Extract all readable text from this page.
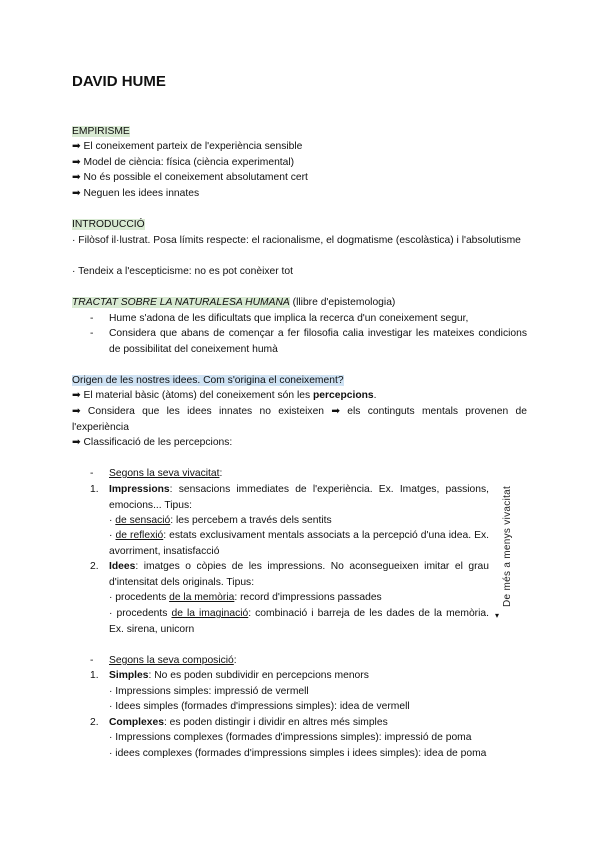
DAVID HUME
EMPIRISME
➡ El coneixement parteix de l'experiència sensible
➡ Model de ciència: física (ciència experimental)
➡ No és possible el coneixement absolutament cert
➡ Neguen les idees innates
INTRODUCCIÓ
· Filòsof il·lustrat. Posa límits respecte: el racionalisme, el dogmatisme (escolàstica) i l'absolutisme
· Tendeix a l'escepticisme: no es pot conèixer tot
TRACTAT SOBRE LA NATURALESA HUMANA (llibre d'epistemologia)
- Hume s'adona de les dificultats que implica la recerca d'un coneixement segur,
- Considera que abans de començar a fer filosofia calia investigar les mateixes condicions de possibilitat del coneixement humà
Origen de les nostres idees. Com s'origina el coneixement?
➡ El material bàsic (àtoms) del coneixement són les percepcions.
➡ Considera que les idees innates no existeixen ➡ els continguts mentals provenen de l'experiència
➡ Classificació de les percepcions:
- Segons la seva vivacitat:
1. Impressions: sensacions immediates de l'experiència. Ex. Imatges, passions, emocions... Tipus:
· de sensació: les percebem a través dels sentits
· de reflexió: estats exclusivament mentals associats a la percepció d'una idea. Ex. avorriment, insatisfacció
2. Idees: imatges o còpies de les impressions. No aconsegueixen imitar el grau d'intensitat dels originals. Tipus:
· procedents de la memòria: record d'impressions passades
· procedents de la imaginació: combinació i barreja de les dades de la memòria. Ex. sirena, unicorn
De més a menys vivacitat
▾
- Segons la seva composició:
1. Simples: No es poden subdividir en percepcions menors
· Impressions simples: impressió de vermell
· Idees simples (formades d'impressions simples): idea de vermell
2. Complexes: es poden distingir i dividir en altres més simples
· Impressions complexes (formades d'impressions simples): impressió de poma
· idees complexes (formades d'impressions simples i idees simples): idea de poma
